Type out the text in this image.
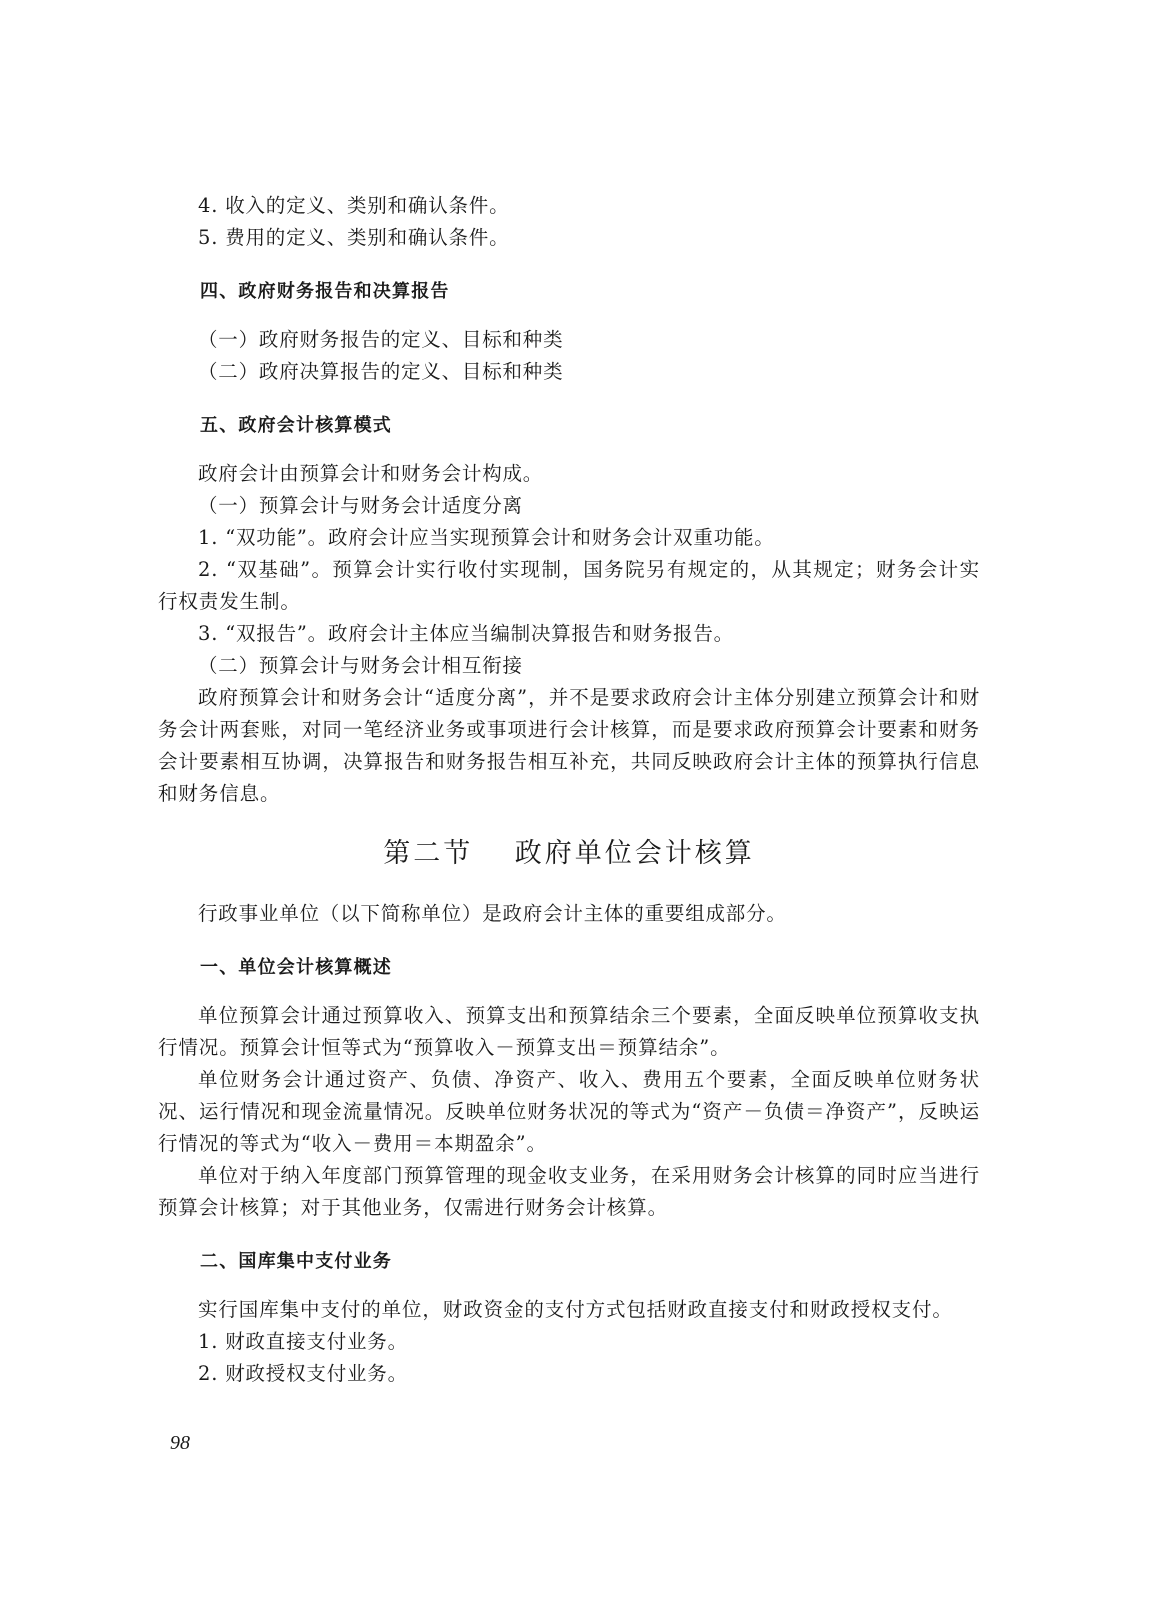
4. 收入的定义、类别和确认条件。
5. 费用的定义、类别和确认条件。
四、政府财务报告和决算报告
（一）政府财务报告的定义、目标和种类
（二）政府决算报告的定义、目标和种类
五、政府会计核算模式
政府会计由预算会计和财务会计构成。
（一）预算会计与财务会计适度分离
1. “双功能”。政府会计应当实现预算会计和财务会计双重功能。
2. “双基础”。预算会计实行收付实现制，国务院另有规定的，从其规定；财务会计实行权责发生制。
3. “双报告”。政府会计主体应当编制决算报告和财务报告。
（二）预算会计与财务会计相互衔接
政府预算会计和财务会计“适度分离”，并不是要求政府会计主体分别建立预算会计和财务会计两套账，对同一笔经济业务或事项进行会计核算，而是要求政府预算会计要素和财务会计要素相互协调，决算报告和财务报告相互补充，共同反映政府会计主体的预算执行信息和财务信息。
第二节 政府单位会计核算
行政事业单位（以下简称单位）是政府会计主体的重要组成部分。
一、单位会计核算概述
单位预算会计通过预算收入、预算支出和预算结余三个要素，全面反映单位预算收支执行情况。预算会计恒等式为“预算收入－预算支出＝预算结余”。
单位财务会计通过资产、负债、净资产、收入、费用五个要素，全面反映单位财务状况、运行情况和现金流量情况。反映单位财务状况的等式为“资产－负债＝净资产”，反映运行情况的等式为“收入－费用＝本期盈余”。
单位对于纳入年度部门预算管理的现金收支业务，在采用财务会计核算的同时应当进行预算会计核算；对于其他业务，仅需进行财务会计核算。
二、国库集中支付业务
实行国库集中支付的单位，财政资金的支付方式包括财政直接支付和财政授权支付。
1. 财政直接支付业务。
2. 财政授权支付业务。
98
